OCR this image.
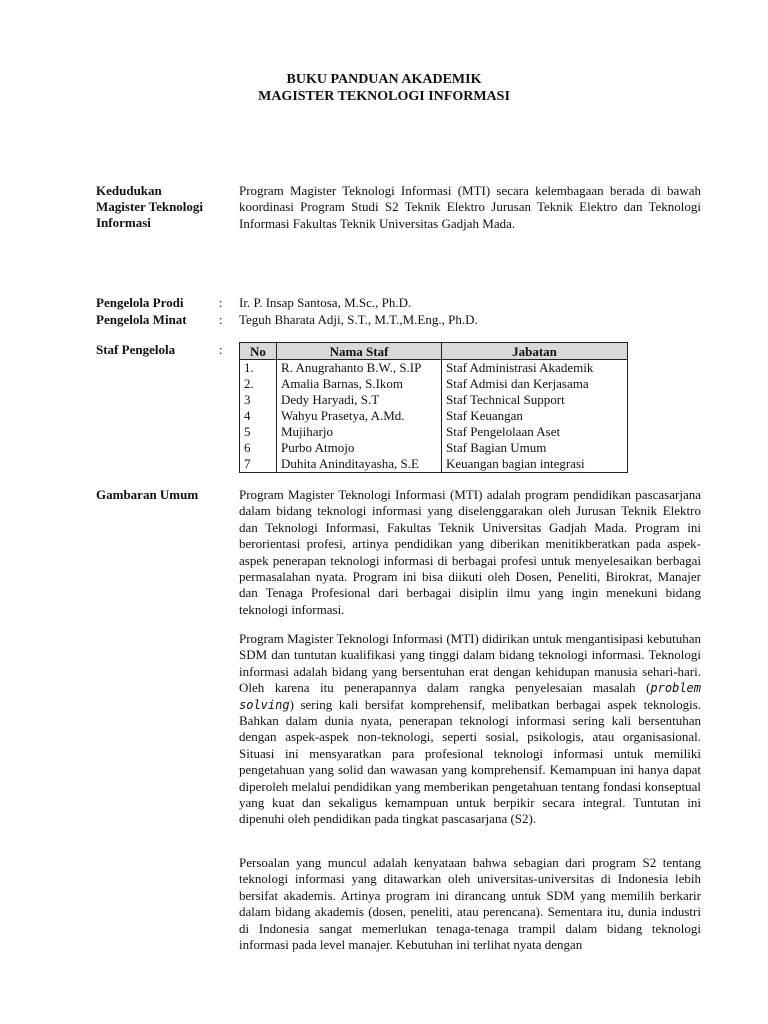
BUKU PANDUAN AKADEMIK
MAGISTER TEKNOLOGI INFORMASI
Kedudukan Magister Teknologi Informasi

Program Magister Teknologi Informasi (MTI) secara kelembagaan berada di bawah koordinasi Program Studi S2 Teknik Elektro Jurusan Teknik Elektro dan Teknologi Informasi Fakultas Teknik Universitas Gadjah Mada.

Pengelola Prodi	: Ir. P. Insap Santosa, M.Sc., Ph.D.
Pengelola Minat	: Teguh Bharata Adji, S.T., M.T.,M.Eng., Ph.D.
Staf Pengelola	: No	Nama Staf	Jabatan
1.	R. Anugrahanto B.W., S.IP	Staf Administrasi Akademik
2.	Amalia Barnas, S.Ikom	Staf Admisi dan Kerjasama
3	Dedy Haryadi, S.T	Staf Technical Support
4	Wahyu Prasetya, A.Md.	Staf Keuangan
5	Mujiharjo	Staf Pengelolaan Aset
6	Purbo Atmojo	Staf Bagian Umum
7	Duhita Aninditayasha, S.E	Keuangan bagian integrasi
Gambaran Umum	Program Magister Teknologi Informasi (MTI) adalah program pendidikan pascasarjana dalam bidang teknologi informasi yang diselenggarakan oleh Jurusan Teknik Elektro dan Teknologi Informasi, Fakultas Teknik Universitas Gadjah Mada. Program ini berorientasi profesi, artinya pendidikan yang diberikan menitikberatkan pada aspek-aspek penerapan teknologi informasi di berbagai profesi untuk menyelesaikan berbagai permasalahan nyata. Program ini bisa diikuti oleh Dosen, Peneliti, Birokrat, Manajer dan Tenaga Profesional dari berbagai disiplin ilmu yang ingin menekuni bidang teknologi informasi.

Program Magister Teknologi Informasi (MTI) didirikan untuk mengantisipasi kebutuhan SDM dan tuntutan kualifikasi yang tinggi dalam bidang teknologi informasi. Teknologi informasi adalah bidang yang bersentuhan erat dengan kehidupan manusia sehari-hari. Oleh karena itu penerapannya dalam rangka penyelesaian masalah (problem solving) sering kali bersifat komprehensif, melibatkan berbagai aspek teknologis. Bahkan dalam dunia nyata, penerapan teknologi informasi sering kali bersentuhan dengan aspek-aspek non-teknologi, seperti sosial, psikologis, atau organisasional. Situasi ini mensyaratkan para profesional teknologi informasi untuk memiliki pengetahuan yang solid dan wawasan yang komprehensif. Kemampuan ini hanya dapat diperoleh melalui pendidikan yang memberikan pengetahuan tentang fondasi konseptual yang kuat dan sekaligus kemampuan untuk berpikir secara integral. Tuntutan ini dipenuhi oleh pendidikan pada tingkat pascasarjana (S2).

Persoalan yang muncul adalah kenyataan bahwa sebagian dari program S2 tentang teknologi informasi yang ditawarkan oleh universitas-universitas di Indonesia lebih bersifat akademis. Artinya program ini dirancang untuk SDM yang memilih berkarir dalam bidang akademis (dosen, peneliti, atau perencana). Sementara itu, dunia industri di Indonesia sangat memerlukan tenaga-tenaga trampil dalam bidang teknologi informasi pada level manajer. Kebutuhan ini terlihat nyata dengan
